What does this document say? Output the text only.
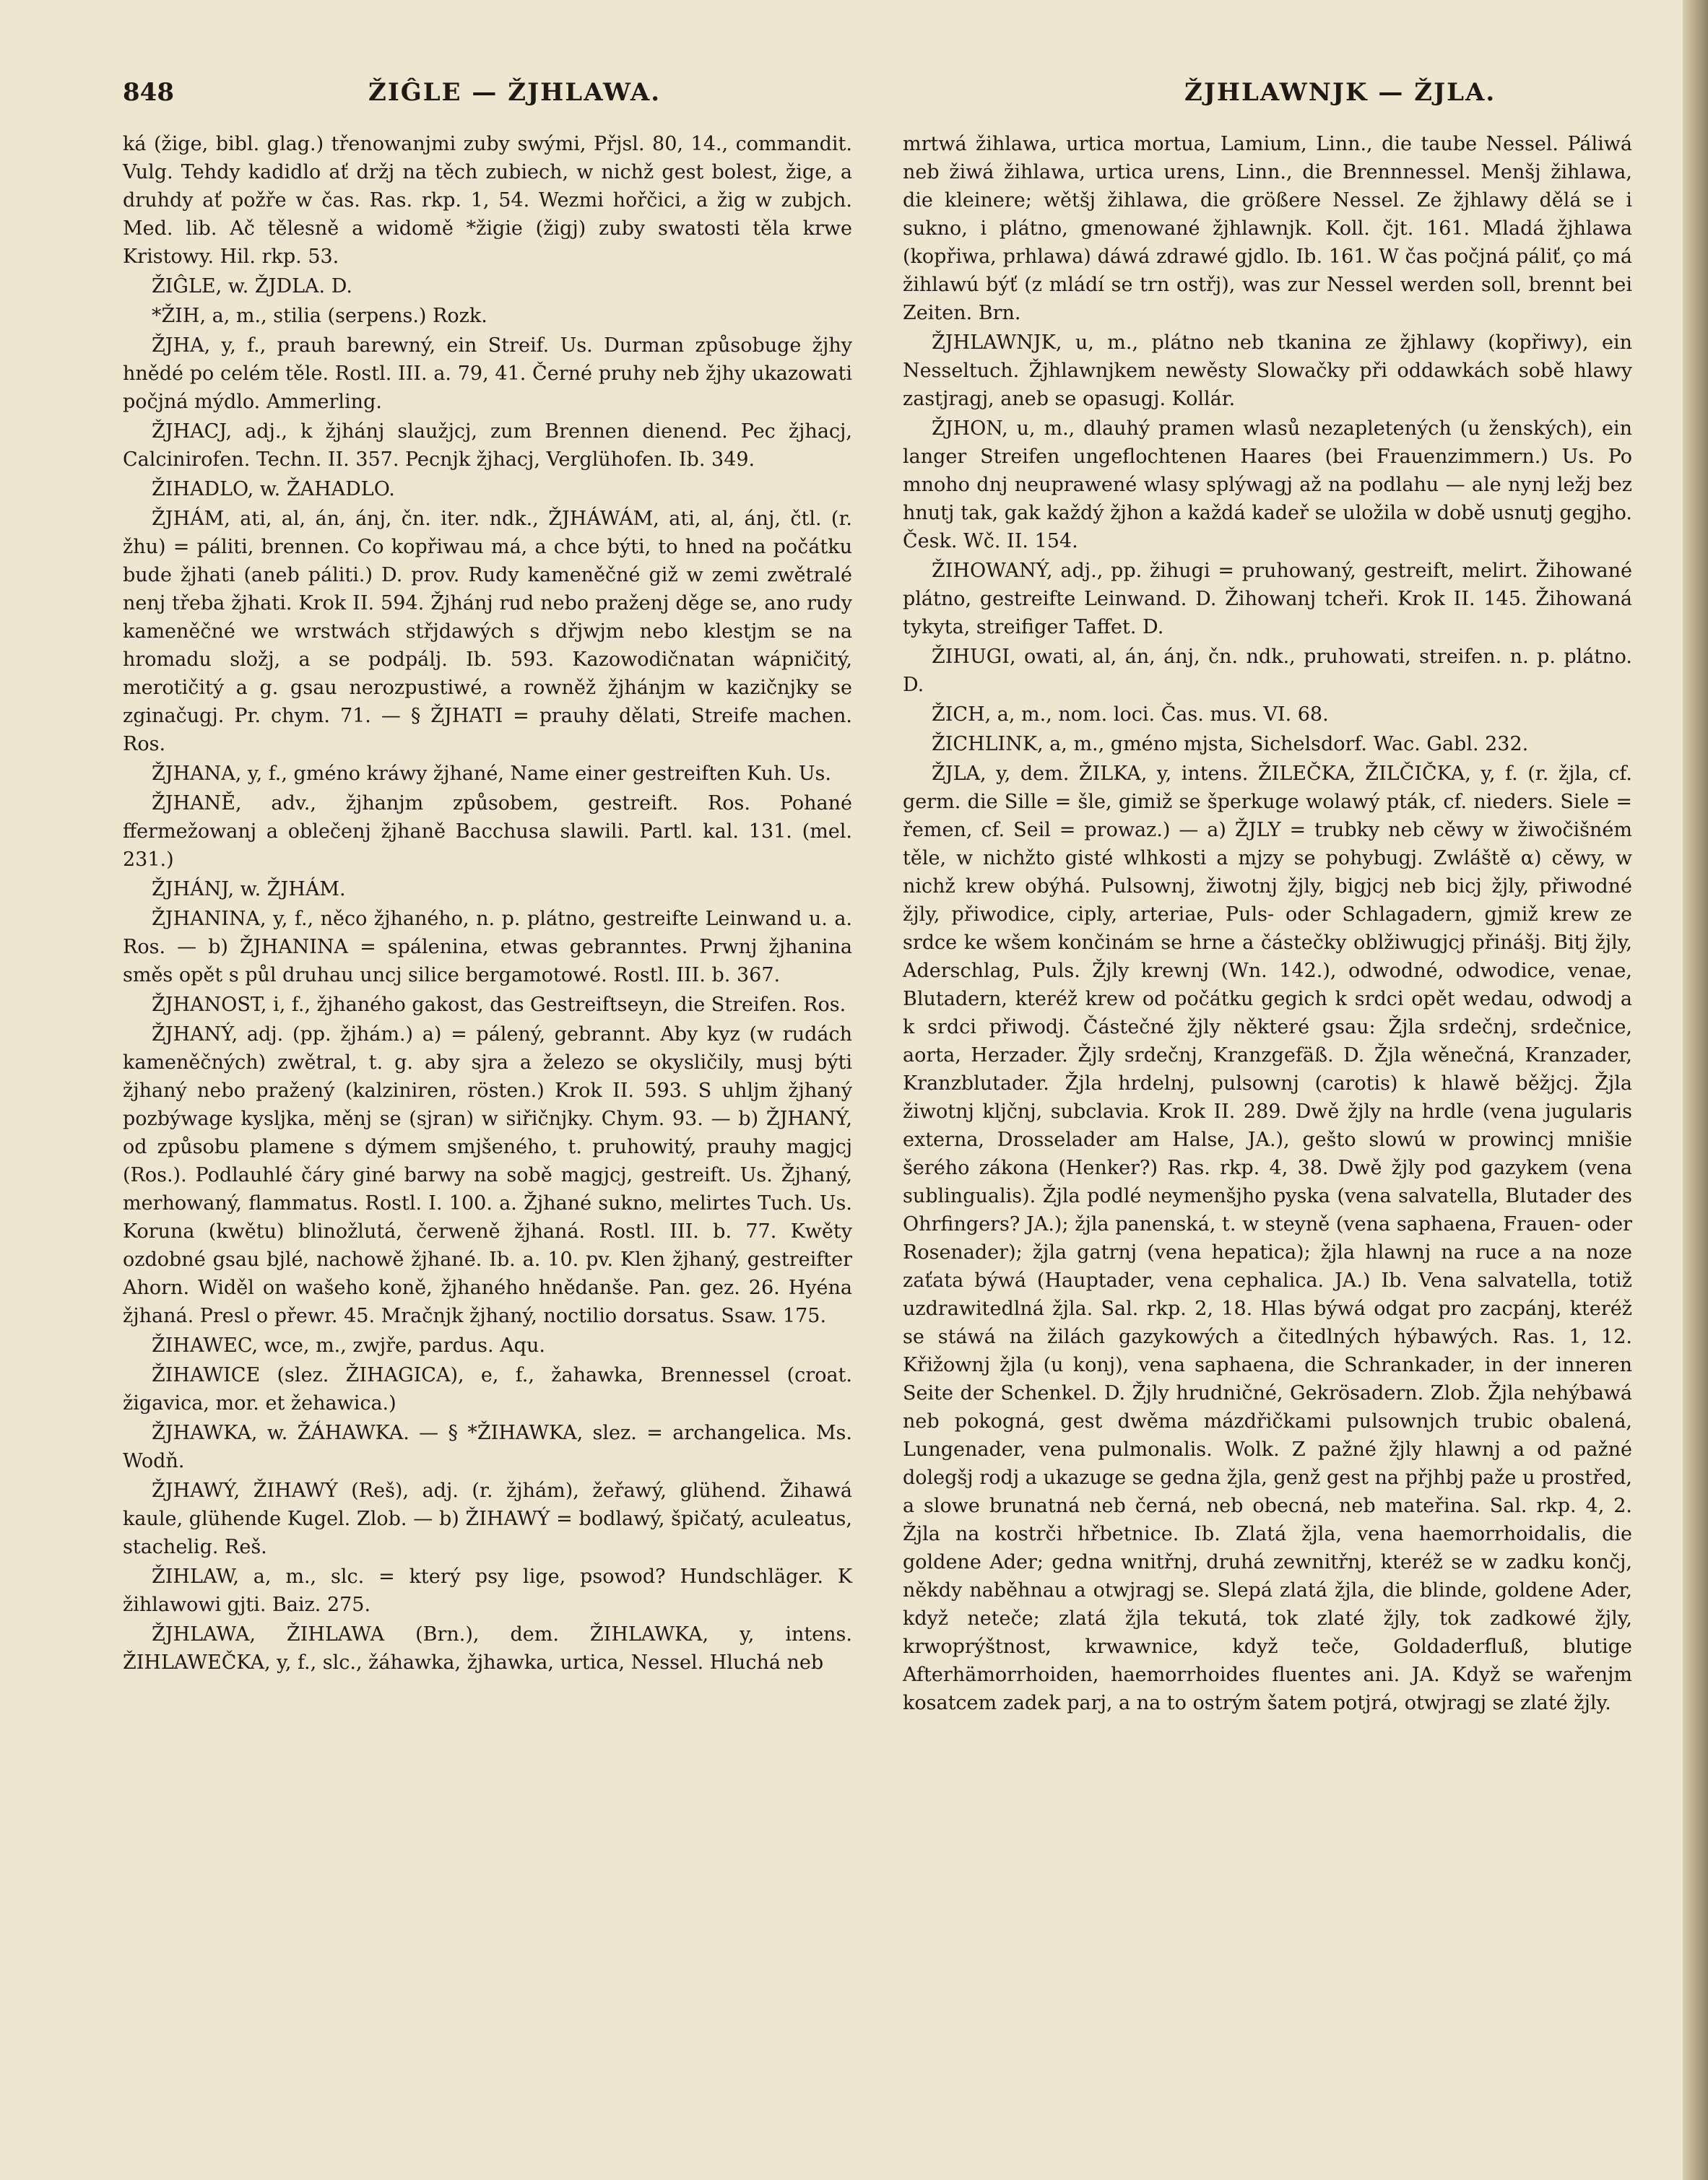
848	ŽIĜLE — ŽJHLAWA.	ŽJHLAWNJK — ŽJLA.

ká (žige, bibl. glag.) třenowanjmi zuby swými, Přjsl. 80, 14., commandit. Vulg. Tehdy kadidlo ať držj na těch zubiech, w nichž gest bolest, žige, a druhdy ať požře w čas. Ras. rkp. 1, 54. Wezmi hořčici, a žig w zubjch. Med. lib. Ač tělesně a widomě *žigie (žigj) zuby swatosti těla krwe Kristowy. Hil. rkp. 53.

ŽIĜLE, w. ŽJDLA. D.

*ŽIH, a, m., stilia (serpens.) Rozk.

ŽJHA, y, f., prauh barewný, ein Streif. Us. Durman způsobuge žjhy hnědé po celém těle. Rostl. III. a. 79, 41. Černé pruhy neb žjhy ukazowati počjná mýdlo. Ammerling.

ŽJHACJ, adj., k žjhánj slaužjcj, zum Brennen dienend. Pec žjhacj, Calcinirofen. Techn. II. 357. Pecnjk žjhacj, Verglühofen. Ib. 349.

ŽIHADLO, w. ŽAHADLO.

ŽJHÁM, ati, al, án, ánj, čn. iter. ndk., ŽJHÁWÁM, ati, al, ánj, čtl. (r. žhu) = páliti, brennen. Co kopřiwau má, a chce býti, to hned na počátku bude žjhati (aneb páliti.) D. prov. Rudy kameněčné giž w zemi zwětralé nenj třeba žjhati. Krok II. 594. Žjhánj rud nebo praženj děge se, ano rudy kameněčné we wrstwách střjdawých s dřjwjm nebo klestjm se na hromadu složj, a se podpálj. Ib. 593. Kazowodičnatan wápničitý, merotičitý a g. gsau nerozpustiwé, a rowněž žjhánjm w kazičnjky se zginačugj. Pr. chym. 71. — § ŽJHATI = prauhy dělati, Streife machen. Ros.

ŽJHANA, y, f., gméno kráwy žjhané, Name einer gestreiften Kuh. Us.

ŽJHANĚ, adv., žjhanjm způsobem, gestreift. Ros. Pohané ffermežowanj a oblečenj žjhaně Bacchusa slawili. Partl. kal. 131. (mel. 231.)

ŽJHÁNJ, w. ŽJHÁM.

ŽJHANINA, y, f., něco žjhaného, n. p. plátno, gestreifte Leinwand u. a. Ros. — b) ŽJHANINA = spálenina, etwas gebranntes. Prwnj žjhanina směs opět s půl druhau uncj silice bergamotowé. Rostl. III. b. 367.

ŽJHANOST, i, f., žjhaného gakost, das Gestreiftseyn, die Streifen. Ros.

ŽJHANÝ, adj. (pp. žjhám.) a) = pálený, gebrannt. Aby kyz (w rudách kameněčných) zwětral, t. g. aby sjra a železo se okysličily, musj býti žjhaný nebo pražený (kalziniren, rösten.) Krok II. 593. S uhljm žjhaný pozbýwage kysljka, měnj se (sjran) w siřičnjky. Chym. 93. — b) ŽJHANÝ, od způsobu plamene s dýmem smjšeného, t. pruhowitý, prauhy magjcj (Ros.). Podlauhlé čáry giné barwy na sobě magjcj, gestreift. Us. Žjhaný, merhowaný, flammatus. Rostl. I. 100. a. Žjhané sukno, melirtes Tuch. Us. Koruna (kwětu) blinožlutá, čerweně žjhaná. Rostl. III. b. 77. Kwěty ozdobné gsau bjlé, nachowě žjhané. Ib. a. 10. pv. Klen žjhaný, gestreifter Ahorn. Widěl on wašeho koně, žjhaného hnědanše. Pan. gez. 26. Hyéna žjhaná. Presl o přewr. 45. Mračnjk žjhaný, noctilio dorsatus. Ssaw. 175.

ŽIHAWEC, wce, m., zwjře, pardus. Aqu.

ŽIHAWICE (slez. ŽIHAGICA), e, f., žahawka, Brennessel (croat. žigavica, mor. et žehawica.)

ŽJHAWKA, w. ŽÁHAWKA. — § *ŽIHAWKA, slez. = archangelica. Ms. Wodň.

ŽJHAWÝ, ŽIHAWÝ (Reš), adj. (r. žjhám), žeřawý, glühend. Žihawá kaule, glühende Kugel. Zlob. — b) ŽIHAWÝ = bodlawý, špičatý, aculeatus, stachelig. Reš.

ŽIHLAW, a, m., slc. = který psy lige, psowod? Hundschläger. K žihlawowi gjti. Baiz. 275.

ŽJHLAWA, ŽIHLAWA (Brn.), dem. ŽIHLAWKA, y, intens. ŽIHLAWEČKA, y, f., slc., žáhawka, žjhawka, urtica, Nessel. Hluchá neb

mrtwá žihlawa, urtica mortua, Lamium, Linn., die taube Nessel. Páliwá neb žiwá žihlawa, urtica urens, Linn., die Brennnessel. Menšj žihlawa, die kleinere; wětšj žihlawa, die größere Nessel. Ze žjhlawy dělá se i sukno, i plátno, gmenowané žjhlawnjk. Koll. čjt. 161. Mladá žjhlawa (kopřiwa, prhlawa) dáwá zdrawé gjdlo. Ib. 161. W čas počjná páliť, ço má žihlawú býť (z mládí se trn ostřj), was zur Nessel werden soll, brennt bei Zeiten. Brn.

ŽJHLAWNJK, u, m., plátno neb tkanina ze žjhlawy (kopřiwy), ein Nesseltuch. Žjhlawnjkem newěsty Slowačky při oddawkách sobě hlawy zastjragj, aneb se opasugj. Kollár.

ŽJHON, u, m., dlauhý pramen wlasů nezapletených (u ženských), ein langer Streifen ungeflochtenen Haares (bei Frauenzimmern.) Us. Po mnoho dnj neuprawené wlasy splýwagj až na podlahu — ale nynj ležj bez hnutj tak, gak každý žjhon a každá kadeř se uložila w době usnutj gegjho. Česk. Wč. II. 154.

ŽIHOWANÝ, adj., pp. žihugi = pruhowaný, gestreift, melirt. Žihowané plátno, gestreifte Leinwand. D. Žihowanj tcheři. Krok II. 145. Žihowaná tykyta, streifiger Taffet. D.

ŽIHUGI, owati, al, án, ánj, čn. ndk., pruhowati, streifen. n. p. plátno. D.

ŽICH, a, m., nom. loci. Čas. mus. VI. 68.

ŽICHLINK, a, m., gméno mjsta, Sichelsdorf. Wac. Gabl. 232.

ŽJLA, y, dem. ŽILKA, y, intens. ŽILEČKA, ŽILČIČKA, y, f. (r. žjla, cf. germ. die Sille = šle, gimiž se šperkuge wolawý pták, cf. nieders. Siele = řemen, cf. Seil = prowaz.) — a) ŽJLY = trubky neb cěwy w žiwočišném těle, w nichžto gisté wlhkosti a mjzy se pohybugj. Zwláště α) cěwy, w nichž krew obýhá. Pulsownj, žiwotnj žjly, bigjcj neb bicj žjly, přiwodné žjly, přiwodice, ciply, arteriae, Puls- oder Schlagadern, gjmiž krew ze srdce ke wšem končinám se hrne a částečky oblžiwugjcj přinášj. Bitj žjly, Aderschlag, Puls. Žjly krewnj (Wn. 142.), odwodné, odwodice, venae, Blutadern, kteréž krew od počátku gegich k srdci opět wedau, odwodj a k srdci přiwodj. Částečné žjly některé gsau: Žjla srdečnj, srdečnice, aorta, Herzader. Žjly srdečnj, Kranzgefäß. D. Žjla wěnečná, Kranzader, Kranzblutader. Žjla hrdelnj, pulsownj (carotis) k hlawě běžjcj. Žjla žiwotnj kljčnj, subclavia. Krok II. 289. Dwě žjly na hrdle (vena jugularis externa, Drosselader am Halse, JA.), gešto slowú w prowincj mnišie šerého zákona (Henker?) Ras. rkp. 4, 38. Dwě žjly pod gazykem (vena sublingualis). Žjla podlé neymenšjho pyska (vena salvatella, Blutader des Ohrfingers? JA.); žjla panenská, t. w steyně (vena saphaena, Frauen- oder Rosenader); žjla gatrnj (vena hepatica); žjla hlawnj na ruce a na noze zaťata býwá (Hauptader, vena cephalica. JA.) Ib. Vena salvatella, totiž uzdrawitedlná žjla. Sal. rkp. 2, 18. Hlas býwá odgat pro zacpánj, kteréž se stáwá na žilách gazykowých a čitedlných hýbawých. Ras. 1, 12. Křižownj žjla (u konj), vena saphaena, die Schrankader, in der inneren Seite der Schenkel. D. Žjly hrudničné, Gekrösadern. Zlob. Žjla nehýbawá neb pokogná, gest dwěma mázdřičkami pulsownjch trubic obalená, Lungenader, vena pulmonalis. Wolk. Z pažné žjly hlawnj a od pažné dolegšj rodj a ukazuge se gedna žjla, genž gest na přjhbj paže u prostřed, a slowe brunatná neb černá, neb obecná, neb mateřina. Sal. rkp. 4, 2. Žjla na kostrči hřbetnice. Ib. Zlatá žjla, vena haemorrhoidalis, die goldene Ader; gedna wnitřnj, druhá zewnitřnj, kteréž se w zadku končj, někdy naběhnau a otwjragj se. Slepá zlatá žjla, die blinde, goldene Ader, když neteče; zlatá žjla tekutá, tok zlaté žjly, tok zadkowé žjly, krwoprýštnost, krwawnice, když teče, Goldaderfluß, blutige Afterhämorrhoiden, haemorrhoides fluentes ani. JA. Když se wařenjm kosatcem zadek parj, a na to ostrým šatem potjrá, otwjragj se zlaté žjly.
